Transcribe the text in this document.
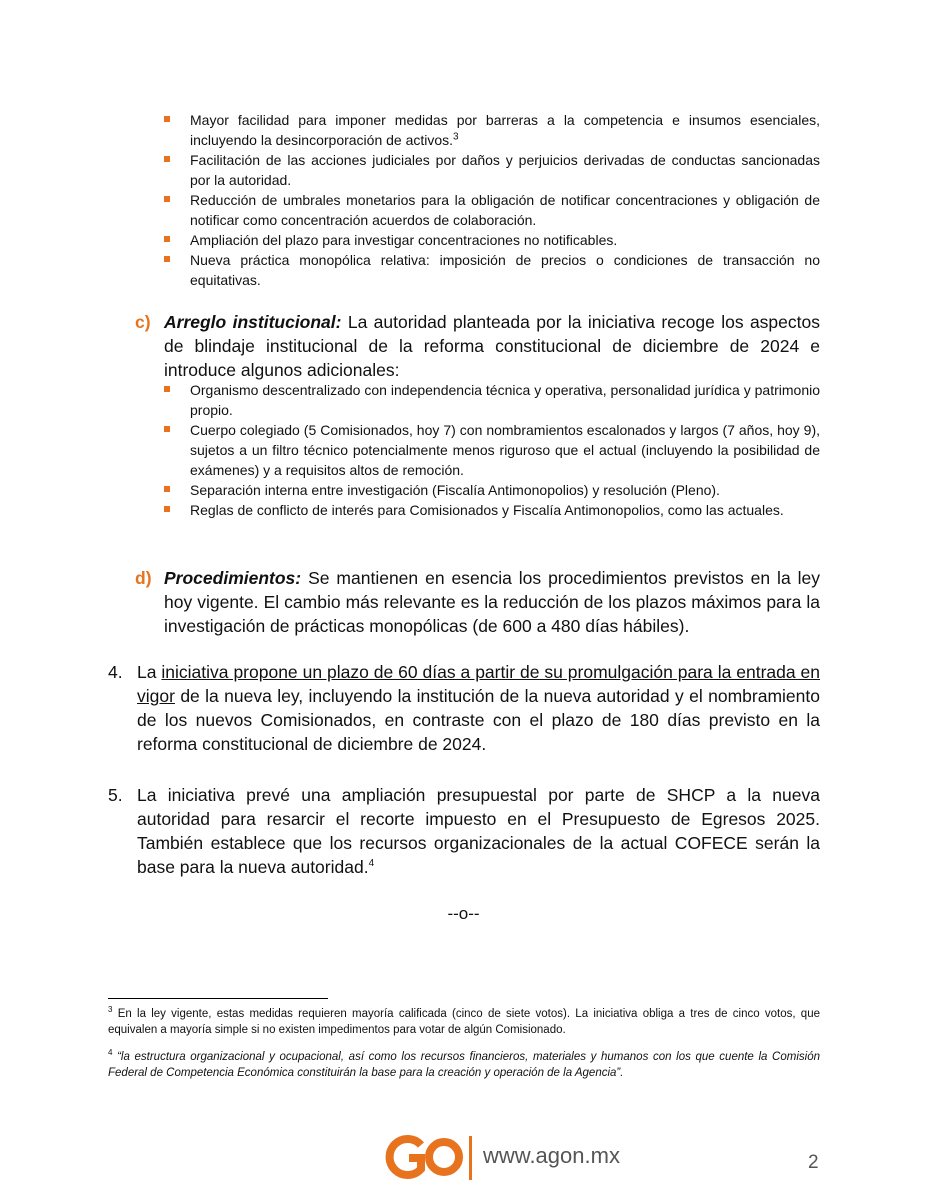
Mayor facilidad para imponer medidas por barreras a la competencia e insumos esenciales, incluyendo la desincorporación de activos.$^3$
Facilitación de las acciones judiciales por daños y perjuicios derivadas de conductas sancionadas por la autoridad.
Reducción de umbrales monetarios para la obligación de notificar concentraciones y obligación de notificar como concentración acuerdos de colaboración.
Ampliación del plazo para investigar concentraciones no notificables.
Nueva práctica monopólica relativa: imposición de precios o condiciones de transacción no equitativas.
c) Arreglo institucional: La autoridad planteada por la iniciativa recoge los aspectos de blindaje institucional de la reforma constitucional de diciembre de 2024 e introduce algunos adicionales:
Organismo descentralizado con independencia técnica y operativa, personalidad jurídica y patrimonio propio.
Cuerpo colegiado (5 Comisionados, hoy 7) con nombramientos escalonados y largos (7 años, hoy 9), sujetos a un filtro técnico potencialmente menos riguroso que el actual (incluyendo la posibilidad de exámenes) y a requisitos altos de remoción.
Separación interna entre investigación (Fiscalía Antimonopolios) y resolución (Pleno).
Reglas de conflicto de interés para Comisionados y Fiscalía Antimonopolios, como las actuales.
d) Procedimientos: Se mantienen en esencia los procedimientos previstos en la ley hoy vigente. El cambio más relevante es la reducción de los plazos máximos para la investigación de prácticas monopólicas (de 600 a 480 días hábiles).
4. La iniciativa propone un plazo de 60 días a partir de su promulgación para la entrada en vigor de la nueva ley, incluyendo la institución de la nueva autoridad y el nombramiento de los nuevos Comisionados, en contraste con el plazo de 180 días previsto en la reforma constitucional de diciembre de 2024.
5. La iniciativa prevé una ampliación presupuestal por parte de SHCP a la nueva autoridad para resarcir el recorte impuesto en el Presupuesto de Egresos 2025. También establece que los recursos organizacionales de la actual COFECE serán la base para la nueva autoridad.$^4$
--o--
$^3$ En la ley vigente, estas medidas requieren mayoría calificada (cinco de siete votos). La iniciativa obliga a tres de cinco votos, que equivalen a mayoría simple si no existen impedimentos para votar de algún Comisionado.
$^4$ “la estructura organizacional y ocupacional, así como los recursos financieros, materiales y humanos con los que cuente la Comisión Federal de Competencia Económica constituirán la base para la creación y operación de la Agencia”.
www.agon.mx	2
